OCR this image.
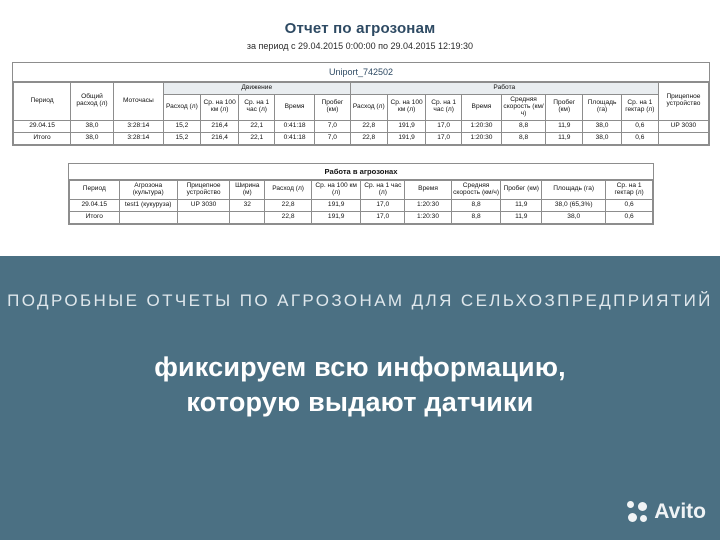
Отчет по агрозонам
за период с 29.04.2015 0:00:00 по 29.04.2015 12:19:30
Uniport_742502
Период	Общий расход (л)	Моточасы	Движение					Работа								Прицепное устройство
			Расход (л)	Ср. на 100 км (л)	Ср. на 1 час (л)	Время	Пробег (км)	Расход (л)	Ср. на 100 км (л)	Ср. на 1 час (л)	Время	Средняя скорость (км/ч)	Пробег (км)	Площадь (га)	Ср. на 1 гектар (л)	
29.04.15	38,0	3:28:14	15,2	216,4	22,1	0:41:18	7,0	22,8	191,9	17,0	1:20:30	8,8	11,9	38,0	0,6	UP 3030
Итого	38,0	3:28:14	15,2	216,4	22,1	0:41:18	7,0	22,8	191,9	17,0	1:20:30	8,8	11,9	38,0	0,6	
Работа в агрозонах
Период	Агрозона (культура)	Прицепное устройство	Ширина (м)	Расход (л)	Ср. на 100 км (л)	Ср. на 1 час (л)	Время	Средняя скорость (км/ч)	Пробег (км)	Площадь (га)	Ср. на 1 гектар (л)
29.04.15	test1 (кукуруза)	UP 3030	32	22,8	191,9	17,0	1:20:30	8,8	11,9	38,0 (65,3%)	0,6
Итого				22,8	191,9	17,0	1:20:30	8,8	11,9	38,0	0,6
ПОДРОБНЫЕ ОТЧЕТЫ ПО АГРОЗОНАМ ДЛЯ СЕЛЬХОЗПРЕДПРИЯТИЙ
фиксируем всю информацию,
которую выдают датчики
Avito
